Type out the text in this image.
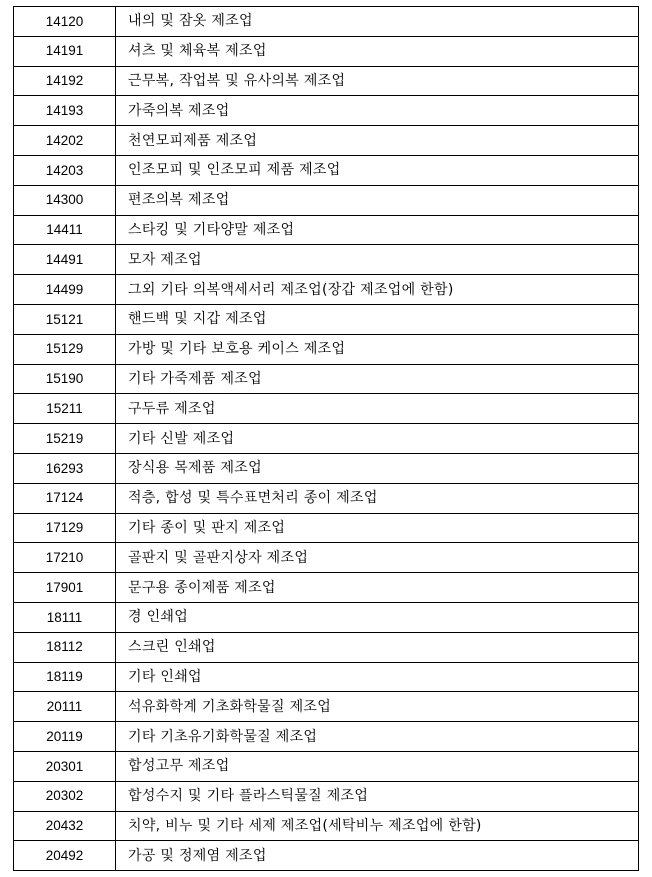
14120	내의 및 잠옷 제조업
14191	셔츠 및 체육복 제조업
14192	근무복, 작업복 및 유사의복 제조업
14193	가죽의복 제조업
14202	천연모피제품 제조업
14203	인조모피 및 인조모피 제품 제조업
14300	편조의복 제조업
14411	스타킹 및 기타양말 제조업
14491	모자 제조업
14499	그외 기타 의복액세서리 제조업(장갑 제조업에 한함)
15121	핸드백 및 지갑 제조업
15129	가방 및 기타 보호용 케이스 제조업
15190	기타 가죽제품 제조업
15211	구두류 제조업
15219	기타 신발 제조업
16293	장식용 목제품 제조업
17124	적층, 합성 및 특수표면처리 종이 제조업
17129	기타 종이 및 판지 제조업
17210	골판지 및 골판지상자 제조업
17901	문구용 종이제품 제조업
18111	경 인쇄업
18112	스크린 인쇄업
18119	기타 인쇄업
20111	석유화학계 기초화학물질 제조업
20119	기타 기초유기화학물질 제조업
20301	합성고무 제조업
20302	합성수지 및 기타 플라스틱물질 제조업
20432	치약, 비누 및 기타 세제 제조업(세탁비누 제조업에 한함)
20492	가공 및 정제염 제조업
